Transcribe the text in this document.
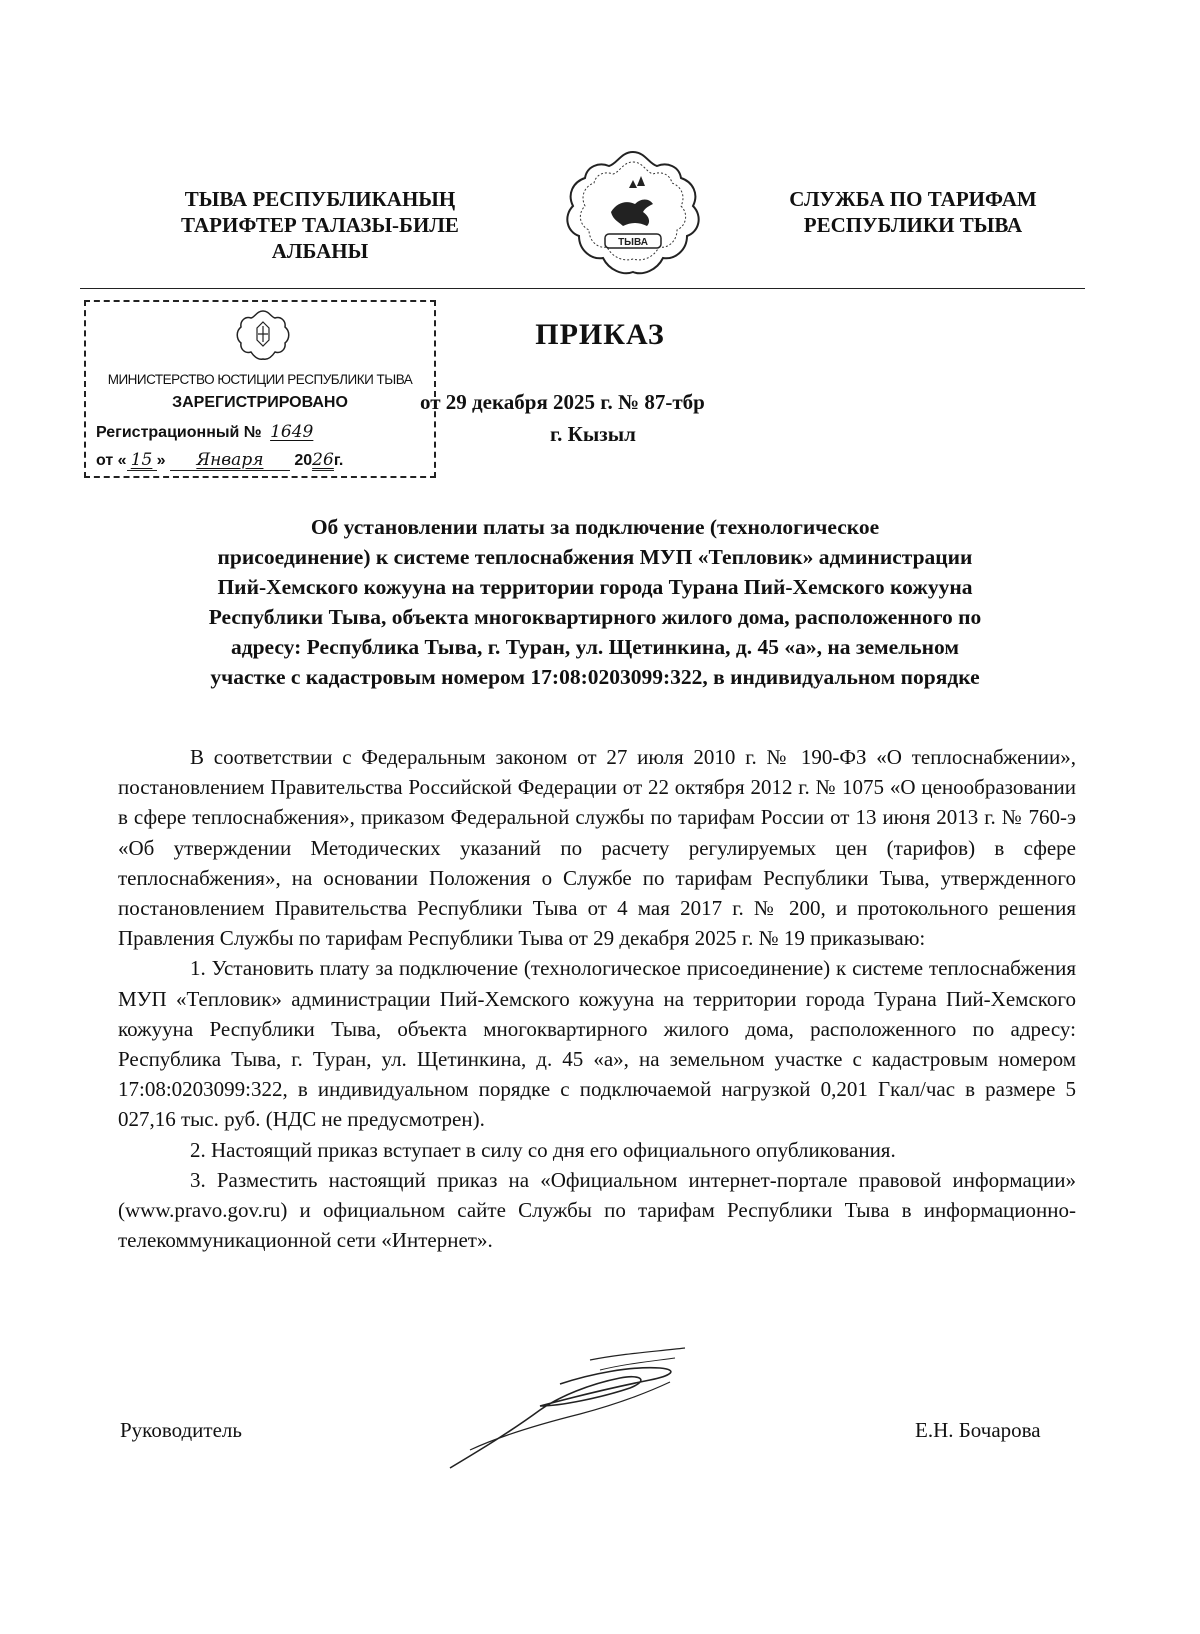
ТЫВА РЕСПУБЛИКАНЫҢ
ТАРИФТЕР ТАЛАЗЫ-БИЛЕ
АЛБАНЫ	ТЫВА
СЛУЖБА ПО ТАРИФАМ
РЕСПУБЛИКИ ТЫВА
МИНИСТЕРСТВО ЮСТИЦИИ РЕСПУБЛИКИ ТЫВА
ЗАРЕГИСТРИРОВАНО
Регистрационный № 1649
от « 15 » Января 2026г.
ПРИКАЗ
от 29 декабря 2025 г. № 87-тбр
г. Кызыл
Об установлении платы за подключение (технологическое
присоединение) к системе теплоснабжения МУП «Тепловик» администрации
Пий-Хемского кожууна на территории города Турана Пий-Хемского кожууна
Республики Тыва, объекта многоквартирного жилого дома, расположенного по
адресу: Республика Тыва, г. Туран, ул. Щетинкина, д. 45 «а», на земельном
участке с кадастровым номером 17:08:0203099:322, в индивидуальном порядке

В соответствии с Федеральным законом от 27 июля 2010 г. № 190-ФЗ «О теплоснабжении», постановлением Правительства Российской Федерации от 22 октября 2012 г. № 1075 «О ценообразовании в сфере теплоснабжения», приказом Федеральной службы по тарифам России от 13 июня 2013 г. № 760-э «Об утверждении Методических указаний по расчету регулируемых цен (тарифов) в сфере теплоснабжения», на основании Положения о Службе по тарифам Республики Тыва, утвержденного постановлением Правительства Республики Тыва от 4 мая 2017 г. № 200, и протокольного решения Правления Службы по тарифам Республики Тыва от 29 декабря 2025 г. № 19 приказываю:

1. Установить плату за подключение (технологическое присоединение) к системе теплоснабжения МУП «Тепловик» администрации Пий-Хемского кожууна на территории города Турана Пий-Хемского кожууна Республики Тыва, объекта многоквартирного жилого дома, расположенного по адресу: Республика Тыва, г. Туран, ул. Щетинкина, д. 45 «а», на земельном участке с кадастровым номером 17:08:0203099:322, в индивидуальном порядке с подключаемой нагрузкой 0,201 Гкал/час в размере 5 027,16 тыс. руб. (НДС не предусмотрен).

2. Настоящий приказ вступает в силу со дня его официального опубликования.

3. Разместить настоящий приказ на «Официальном интернет-портале правовой информации» (www.pravo.gov.ru) и официальном сайте Службы по тарифам Республики Тыва в информационно-телекоммуникационной сети «Интернет».

Руководитель	Е.Н. Бочарова
